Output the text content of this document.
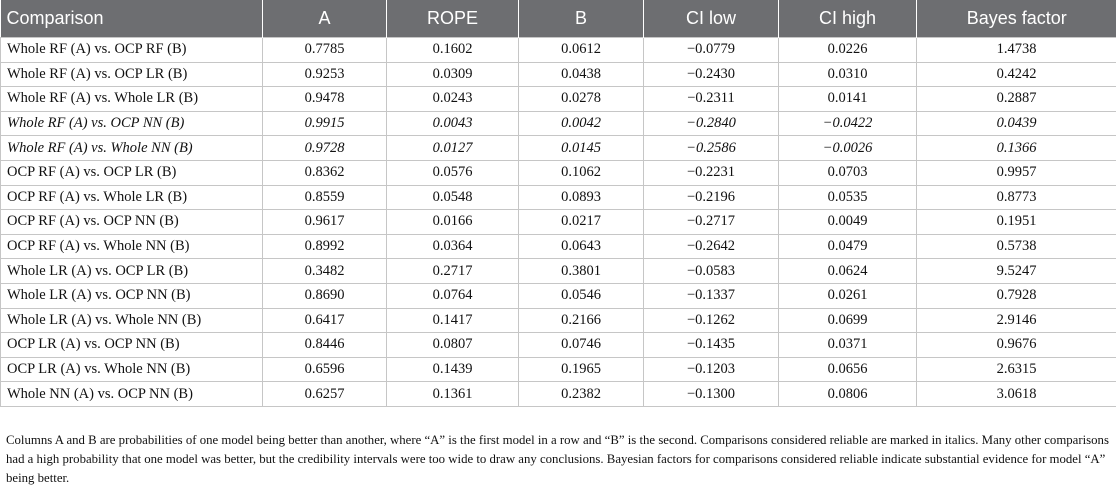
Comparison	A	ROPE	B	CI low	CI high	Bayes factor
Whole RF (A) vs. OCP RF (B)	0.7785	0.1602	0.0612	−0.0779	0.0226	1.4738
Whole RF (A) vs. OCP LR (B)	0.9253	0.0309	0.0438	−0.2430	0.0310	0.4242
Whole RF (A) vs. Whole LR (B)	0.9478	0.0243	0.0278	−0.2311	0.0141	0.2887
Whole RF (A) vs. OCP NN (B)	0.9915	0.0043	0.0042	−0.2840	−0.0422	0.0439
Whole RF (A) vs. Whole NN (B)	0.9728	0.0127	0.0145	−0.2586	−0.0026	0.1366
OCP RF (A) vs. OCP LR (B)	0.8362	0.0576	0.1062	−0.2231	0.0703	0.9957
OCP RF (A) vs. Whole LR (B)	0.8559	0.0548	0.0893	−0.2196	0.0535	0.8773
OCP RF (A) vs. OCP NN (B)	0.9617	0.0166	0.0217	−0.2717	0.0049	0.1951
OCP RF (A) vs. Whole NN (B)	0.8992	0.0364	0.0643	−0.2642	0.0479	0.5738
Whole LR (A) vs. OCP LR (B)	0.3482	0.2717	0.3801	−0.0583	0.0624	9.5247
Whole LR (A) vs. OCP NN (B)	0.8690	0.0764	0.0546	−0.1337	0.0261	0.7928
Whole LR (A) vs. Whole NN (B)	0.6417	0.1417	0.2166	−0.1262	0.0699	2.9146
OCP LR (A) vs. OCP NN (B)	0.8446	0.0807	0.0746	−0.1435	0.0371	0.9676
OCP LR (A) vs. Whole NN (B)	0.6596	0.1439	0.1965	−0.1203	0.0656	2.6315
Whole NN (A) vs. OCP NN (B)	0.6257	0.1361	0.2382	−0.1300	0.0806	3.0618

Columns A and B are probabilities of one model being better than another, where “A” is the first model in a row and “B” is the second. Comparisons considered reliable are marked in italics. Many other comparisons had a high probability that one model was better, but the credibility intervals were too wide to draw any conclusions. Bayesian factors for comparisons considered reliable indicate substantial evidence for model “A” being better.
